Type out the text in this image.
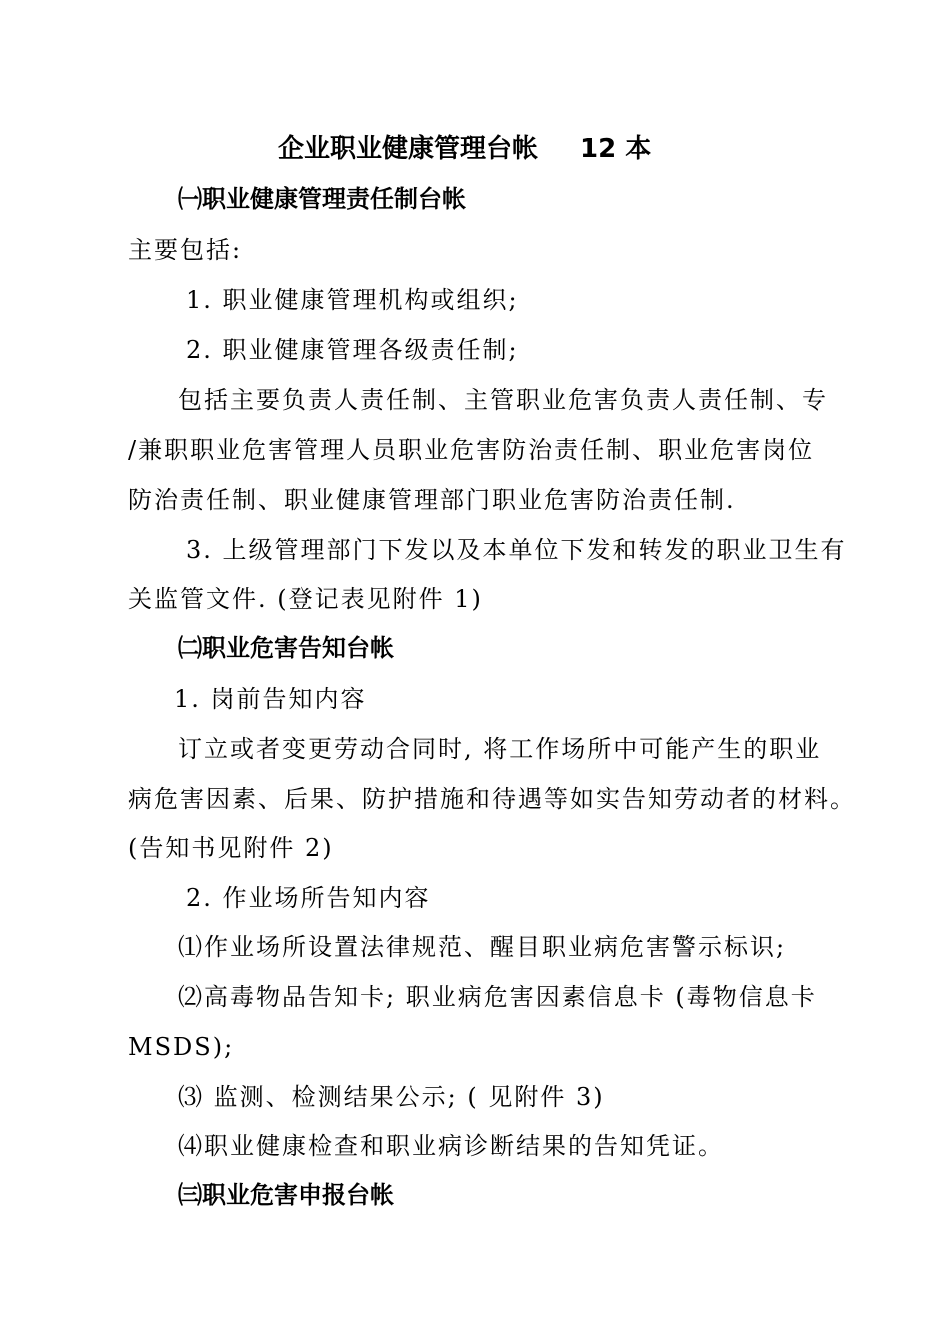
企业职业健康管理台帐 12 本
㈠职业健康管理责任制台帐
主要包括:
1. 职业健康管理机构或组织;
2. 职业健康管理各级责任制;
包括主要负责人责任制、主管职业危害负责人责任制、专
/兼职职业危害管理人员职业危害防治责任制、职业危害岗位
防治责任制、职业健康管理部门职业危害防治责任制.
3. 上级管理部门下发以及本单位下发和转发的职业卫生有
关监管文件. (登记表见附件 1)
㈡职业危害告知台帐
1. 岗前告知内容
订立或者变更劳动合同时, 将工作场所中可能产生的职业
病危害因素、后果、防护措施和待遇等如实告知劳动者的材料。
(告知书见附件 2)
2. 作业场所告知内容
⑴作业场所设置法律规范、醒目职业病危害警示标识;
⑵高毒物品告知卡; 职业病危害因素信息卡 (毒物信息卡
MSDS);
⑶ 监测、检测结果公示; ( 见附件 3)
⑷职业健康检查和职业病诊断结果的告知凭证。
㈢职业危害申报台帐
